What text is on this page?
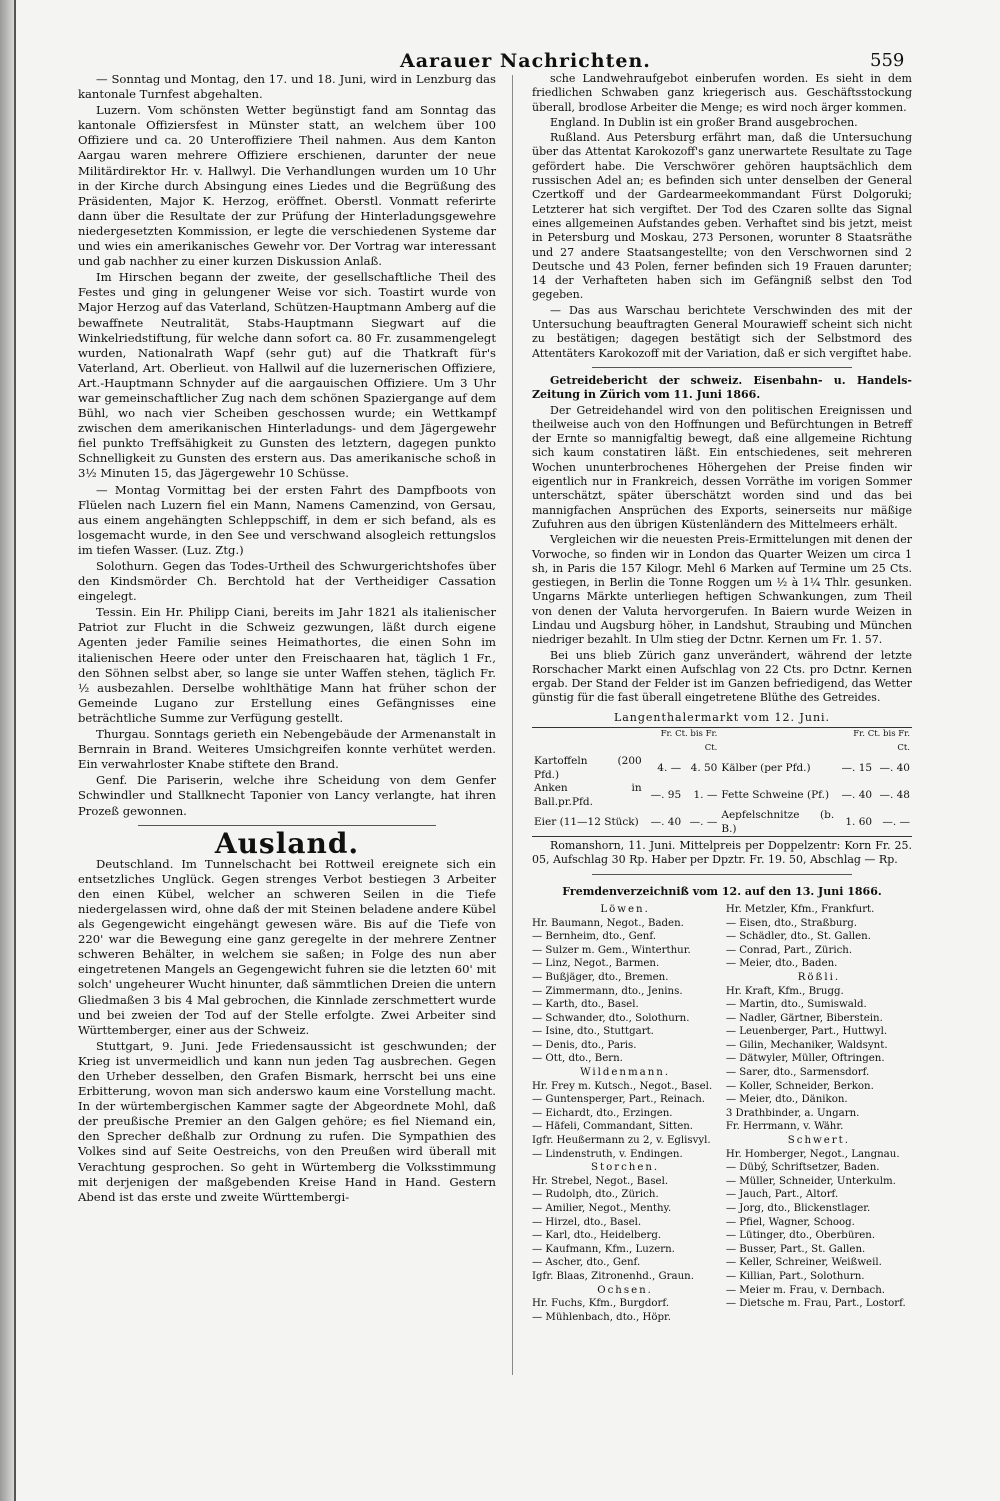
Aarauer Nachrichten.	559

— Sonntag und Montag, den 17. und 18. Juni, wird in Lenzburg das kantonale Turnfest abgehalten.

Luzern. Vom schönsten Wetter begünstigt fand am Sonntag das kantonale Offiziersfest in Münster statt, an welchem über 100 Offiziere und ca. 20 Unteroffiziere Theil nahmen. Aus dem Kanton Aargau waren mehrere Offiziere erschienen, darunter der neue Militärdirektor Hr. v. Hallwyl. Die Verhandlungen wurden um 10 Uhr in der Kirche durch Absingung eines Liedes und die Begrüßung des Präsidenten, Major K. Herzog, eröffnet. Oberstl. Vonmatt referirte dann über die Resultate der zur Prüfung der Hinterladungsgewehre niedergesetzten Kommission, er legte die verschiedenen Systeme dar und wies ein amerikanisches Gewehr vor. Der Vortrag war interessant und gab nachher zu einer kurzen Diskussion Anlaß.

Im Hirschen begann der zweite, der gesellschaftliche Theil des Festes und ging in gelungener Weise vor sich. Toastirt wurde von Major Herzog auf das Vaterland, Schützen-Hauptmann Amberg auf die bewaffnete Neutralität, Stabs-Hauptmann Siegwart auf die Winkelriedstiftung, für welche dann sofort ca. 80 Fr. zusammengelegt wurden, Nationalrath Wapf (sehr gut) auf die Thatkraft für's Vaterland, Art. Oberlieut. von Hallwil auf die luzernerischen Offiziere, Art.-Hauptmann Schnyder auf die aargauischen Offiziere. Um 3 Uhr war gemeinschaftlicher Zug nach dem schönen Spaziergange auf dem Bühl, wo nach vier Scheiben geschossen wurde; ein Wettkampf zwischen dem amerikanischen Hinterladungs- und dem Jägergewehr fiel punkto Treffsähigkeit zu Gunsten des letztern, dagegen punkto Schnelligkeit zu Gunsten des erstern aus. Das amerikanische schoß in 3½ Minuten 15, das Jägergewehr 10 Schüsse.

— Montag Vormittag bei der ersten Fahrt des Dampfboots von Flüelen nach Luzern fiel ein Mann, Namens Camenzind, von Gersau, aus einem angehängten Schleppschiff, in dem er sich befand, als es losgemacht wurde, in den See und verschwand alsogleich rettungslos im tiefen Wasser. (Luz. Ztg.)

Solothurn. Gegen das Todes-Urtheil des Schwurgerichtshofes über den Kindsmörder Ch. Berchtold hat der Vertheidiger Cassation eingelegt.

Tessin. Ein Hr. Philipp Ciani, bereits im Jahr 1821 als italienischer Patriot zur Flucht in die Schweiz gezwungen, läßt durch eigene Agenten jeder Familie seines Heimathortes, die einen Sohn im italienischen Heere oder unter den Freischaaren hat, täglich 1 Fr., den Söhnen selbst aber, so lange sie unter Waffen stehen, täglich Fr. ½ ausbezahlen. Derselbe wohlthätige Mann hat früher schon der Gemeinde Lugano zur Erstellung eines Gefängnisses eine beträchtliche Summe zur Verfügung gestellt.

Thurgau. Sonntags gerieth ein Nebengebäude der Armenanstalt in Bernrain in Brand. Weiteres Umsichgreifen konnte verhütet werden. Ein verwahrloster Knabe stiftete den Brand.

Genf. Die Pariserin, welche ihre Scheidung von dem Genfer Schwindler und Stallknecht Taponier von Lancy verlangte, hat ihren Prozeß gewonnen.

Ausland.

Deutschland. Im Tunnelschacht bei Rottweil ereignete sich ein entsetzliches Unglück. Gegen strenges Verbot bestiegen 3 Arbeiter den einen Kübel, welcher an schweren Seilen in die Tiefe niedergelassen wird, ohne daß der mit Steinen beladene andere Kübel als Gegengewicht eingehängt gewesen wäre. Bis auf die Tiefe von 220' war die Bewegung eine ganz geregelte in der mehrere Zentner schweren Behälter, in welchem sie saßen; in Folge des nun aber eingetretenen Mangels an Gegengewicht fuhren sie die letzten 60' mit solch' ungeheurer Wucht hinunter, daß sämmtlichen Dreien die untern Gliedmaßen 3 bis 4 Mal gebrochen, die Kinnlade zerschmettert wurde und bei zweien der Tod auf der Stelle erfolgte. Zwei Arbeiter sind Württemberger, einer aus der Schweiz.

Stuttgart, 9. Juni. Jede Friedensaussicht ist geschwunden; der Krieg ist unvermeidlich und kann nun jeden Tag ausbrechen. Gegen den Urheber desselben, den Grafen Bismark, herrscht bei uns eine Erbitterung, wovon man sich anderswo kaum eine Vorstellung macht. In der würtembergischen Kammer sagte der Abgeordnete Mohl, daß der preußische Premier an den Galgen gehöre; es fiel Niemand ein, den Sprecher deßhalb zur Ordnung zu rufen. Die Sympathien des Volkes sind auf Seite Oestreichs, von den Preußen wird überall mit Verachtung gesprochen. So geht in Würtemberg die Volksstimmung mit derjenigen der maßgebenden Kreise Hand in Hand. Gestern Abend ist das erste und zweite Württembergi-

sche Landwehraufgebot einberufen worden. Es sieht in dem friedlichen Schwaben ganz kriegerisch aus. Geschäftsstockung überall, brodlose Arbeiter die Menge; es wird noch ärger kommen.

England. In Dublin ist ein großer Brand ausgebrochen.

Rußland. Aus Petersburg erfährt man, daß die Untersuchung über das Attentat Karokozoff's ganz unerwartete Resultate zu Tage gefördert habe. Die Verschwörer gehören hauptsächlich dem russischen Adel an; es befinden sich unter denselben der General Czertkoff und der Gardearmeekommandant Fürst Dolgoruki; Letzterer hat sich vergiftet. Der Tod des Czaren sollte das Signal eines allgemeinen Aufstandes geben. Verhaftet sind bis jetzt, meist in Petersburg und Moskau, 273 Personen, worunter 8 Staatsräthe und 27 andere Staatsangestellte; von den Verschwornen sind 2 Deutsche und 43 Polen, ferner befinden sich 19 Frauen darunter; 14 der Verhafteten haben sich im Gefängniß selbst den Tod gegeben.

— Das aus Warschau berichtete Verschwinden des mit der Untersuchung beauftragten General Mourawieff scheint sich nicht zu bestätigen; dagegen bestätigt sich der Selbstmord des Attentäters Karokozoff mit der Variation, daß er sich vergiftet habe.

Getreidebericht der schweiz. Eisenbahn- u. Handels-Zeitung in Zürich vom 11. Juni 1866.

Der Getreidehandel wird von den politischen Ereignissen und theilweise auch von den Hoffnungen und Befürchtungen in Betreff der Ernte so mannigfaltig bewegt, daß eine allgemeine Richtung sich kaum constatiren läßt. Ein entschiedenes, seit mehreren Wochen ununterbrochenes Höhergehen der Preise finden wir eigentlich nur in Frankreich, dessen Vorräthe im vorigen Sommer unterschätzt, später überschätzt worden sind und das bei mannigfachen Ansprüchen des Exports, seinerseits nur mäßige Zufuhren aus den übrigen Küstenländern des Mittelmeers erhält.

Vergleichen wir die neuesten Preis-Ermittelungen mit denen der Vorwoche, so finden wir in London das Quarter Weizen um circa 1 sh, in Paris die 157 Kilogr. Mehl 6 Marken auf Termine um 25 Cts. gestiegen, in Berlin die Tonne Roggen um ½ à 1¼ Thlr. gesunken. Ungarns Märkte unterliegen heftigen Schwankungen, zum Theil von denen der Valuta hervorgerufen. In Baiern wurde Weizen in Lindau und Augsburg höher, in Landshut, Straubing und München niedriger bezahlt. In Ulm stieg der Dctnr. Kernen um Fr. 1. 57.

Bei uns blieb Zürich ganz unverändert, während der letzte Rorschacher Markt einen Aufschlag von 22 Cts. pro Dctnr. Kernen ergab. Der Stand der Felder ist im Ganzen befriedigend, das Wetter günstig für die fast überall eingetretene Blüthe des Getreides.

Langenthalermarkt vom 12. Juni.
	Fr. Ct. bis Fr. Ct.			Fr. Ct. bis Fr. Ct.	
Kartoffeln (200 Pfd.)	4. —	4. 50	Kälber (per Pfd.)	—. 15	—. 40
Anken in Ball.pr.Pfd.	—. 95	1. —	Fette Schweine (Pf.)	—. 40	—. 48
Eier (11—12 Stück)	—. 40	—. —	Aepfelschnitze (b. B.)	1. 60	—. —

Romanshorn, 11. Juni. Mittelpreis per Doppelzentr: Korn Fr. 25. 05, Aufschlag 30 Rp. Haber per Dpztr. Fr. 19. 50, Abschlag — Rp.

Fremdenverzeichniß vom 12. auf den 13. Juni 1866.
Löwen.
Hr. Baumann, Negot., Baden.
— Bernheim, dto., Genf.
— Sulzer m. Gem., Winterthur.
— Linz, Negot., Barmen.
— Bußjäger, dto., Bremen.
— Zimmermann, dto., Jenins.
— Karth, dto., Basel.
— Schwander, dto., Solothurn.
— Isine, dto., Stuttgart.
— Denis, dto., Paris.
— Ott, dto., Bern.
Wildenmann.
Hr. Frey m. Kutsch., Negot., Basel.
— Guntensperger, Part., Reinach.
— Eichardt, dto., Erzingen.
— Häfeli, Commandant, Sitten.
Igfr. Heußermann zu 2, v. Eglisvyl.
— Lindenstruth, v. Endingen.
Storchen.
Hr. Strebel, Negot., Basel.
— Rudolph, dto., Zürich.
— Amilier, Negot., Menthy.
— Hirzel, dto., Basel.
— Karl, dto., Heidelberg.
— Kaufmann, Kfm., Luzern.
— Ascher, dto., Genf.
Igfr. Blaas, Zitronenhd., Graun.
Ochsen.
Hr. Fuchs, Kfm., Burgdorf.
— Mühlenbach, dto., Höpr.
Hr. Metzler, Kfm., Frankfurt.
— Eisen, dto., Straßburg.
— Schädler, dto., St. Gallen.
— Conrad, Part., Zürich.
— Meier, dto., Baden.
Rößli.
Hr. Kraft, Kfm., Brugg.
— Martin, dto., Sumiswald.
— Nadler, Gärtner, Biberstein.
— Leuenberger, Part., Huttwyl.
— Gilin, Mechaniker, Waldsynt.
— Dätwyler, Müller, Oftringen.
— Sarer, dto., Sarmensdorf.
— Koller, Schneider, Berkon.
— Meier, dto., Dänikon.
3 Drathbinder, a. Ungarn.
Fr. Herrmann, v. Währ.
Schwert.
Hr. Homberger, Negot., Langnau.
— Dübý, Schriftsetzer, Baden.
— Müller, Schneider, Unterkulm.
— Jauch, Part., Altorf.
— Jorg, dto., Blickenstlager.
— Pfiel, Wagner, Schoog.
— Lütinger, dto., Oberbüren.
— Busser, Part., St. Gallen.
— Keller, Schreiner, Weißweil.
— Killian, Part., Solothurn.
— Meier m. Frau, v. Dernbach.
— Dietsche m. Frau, Part., Lostorf.
